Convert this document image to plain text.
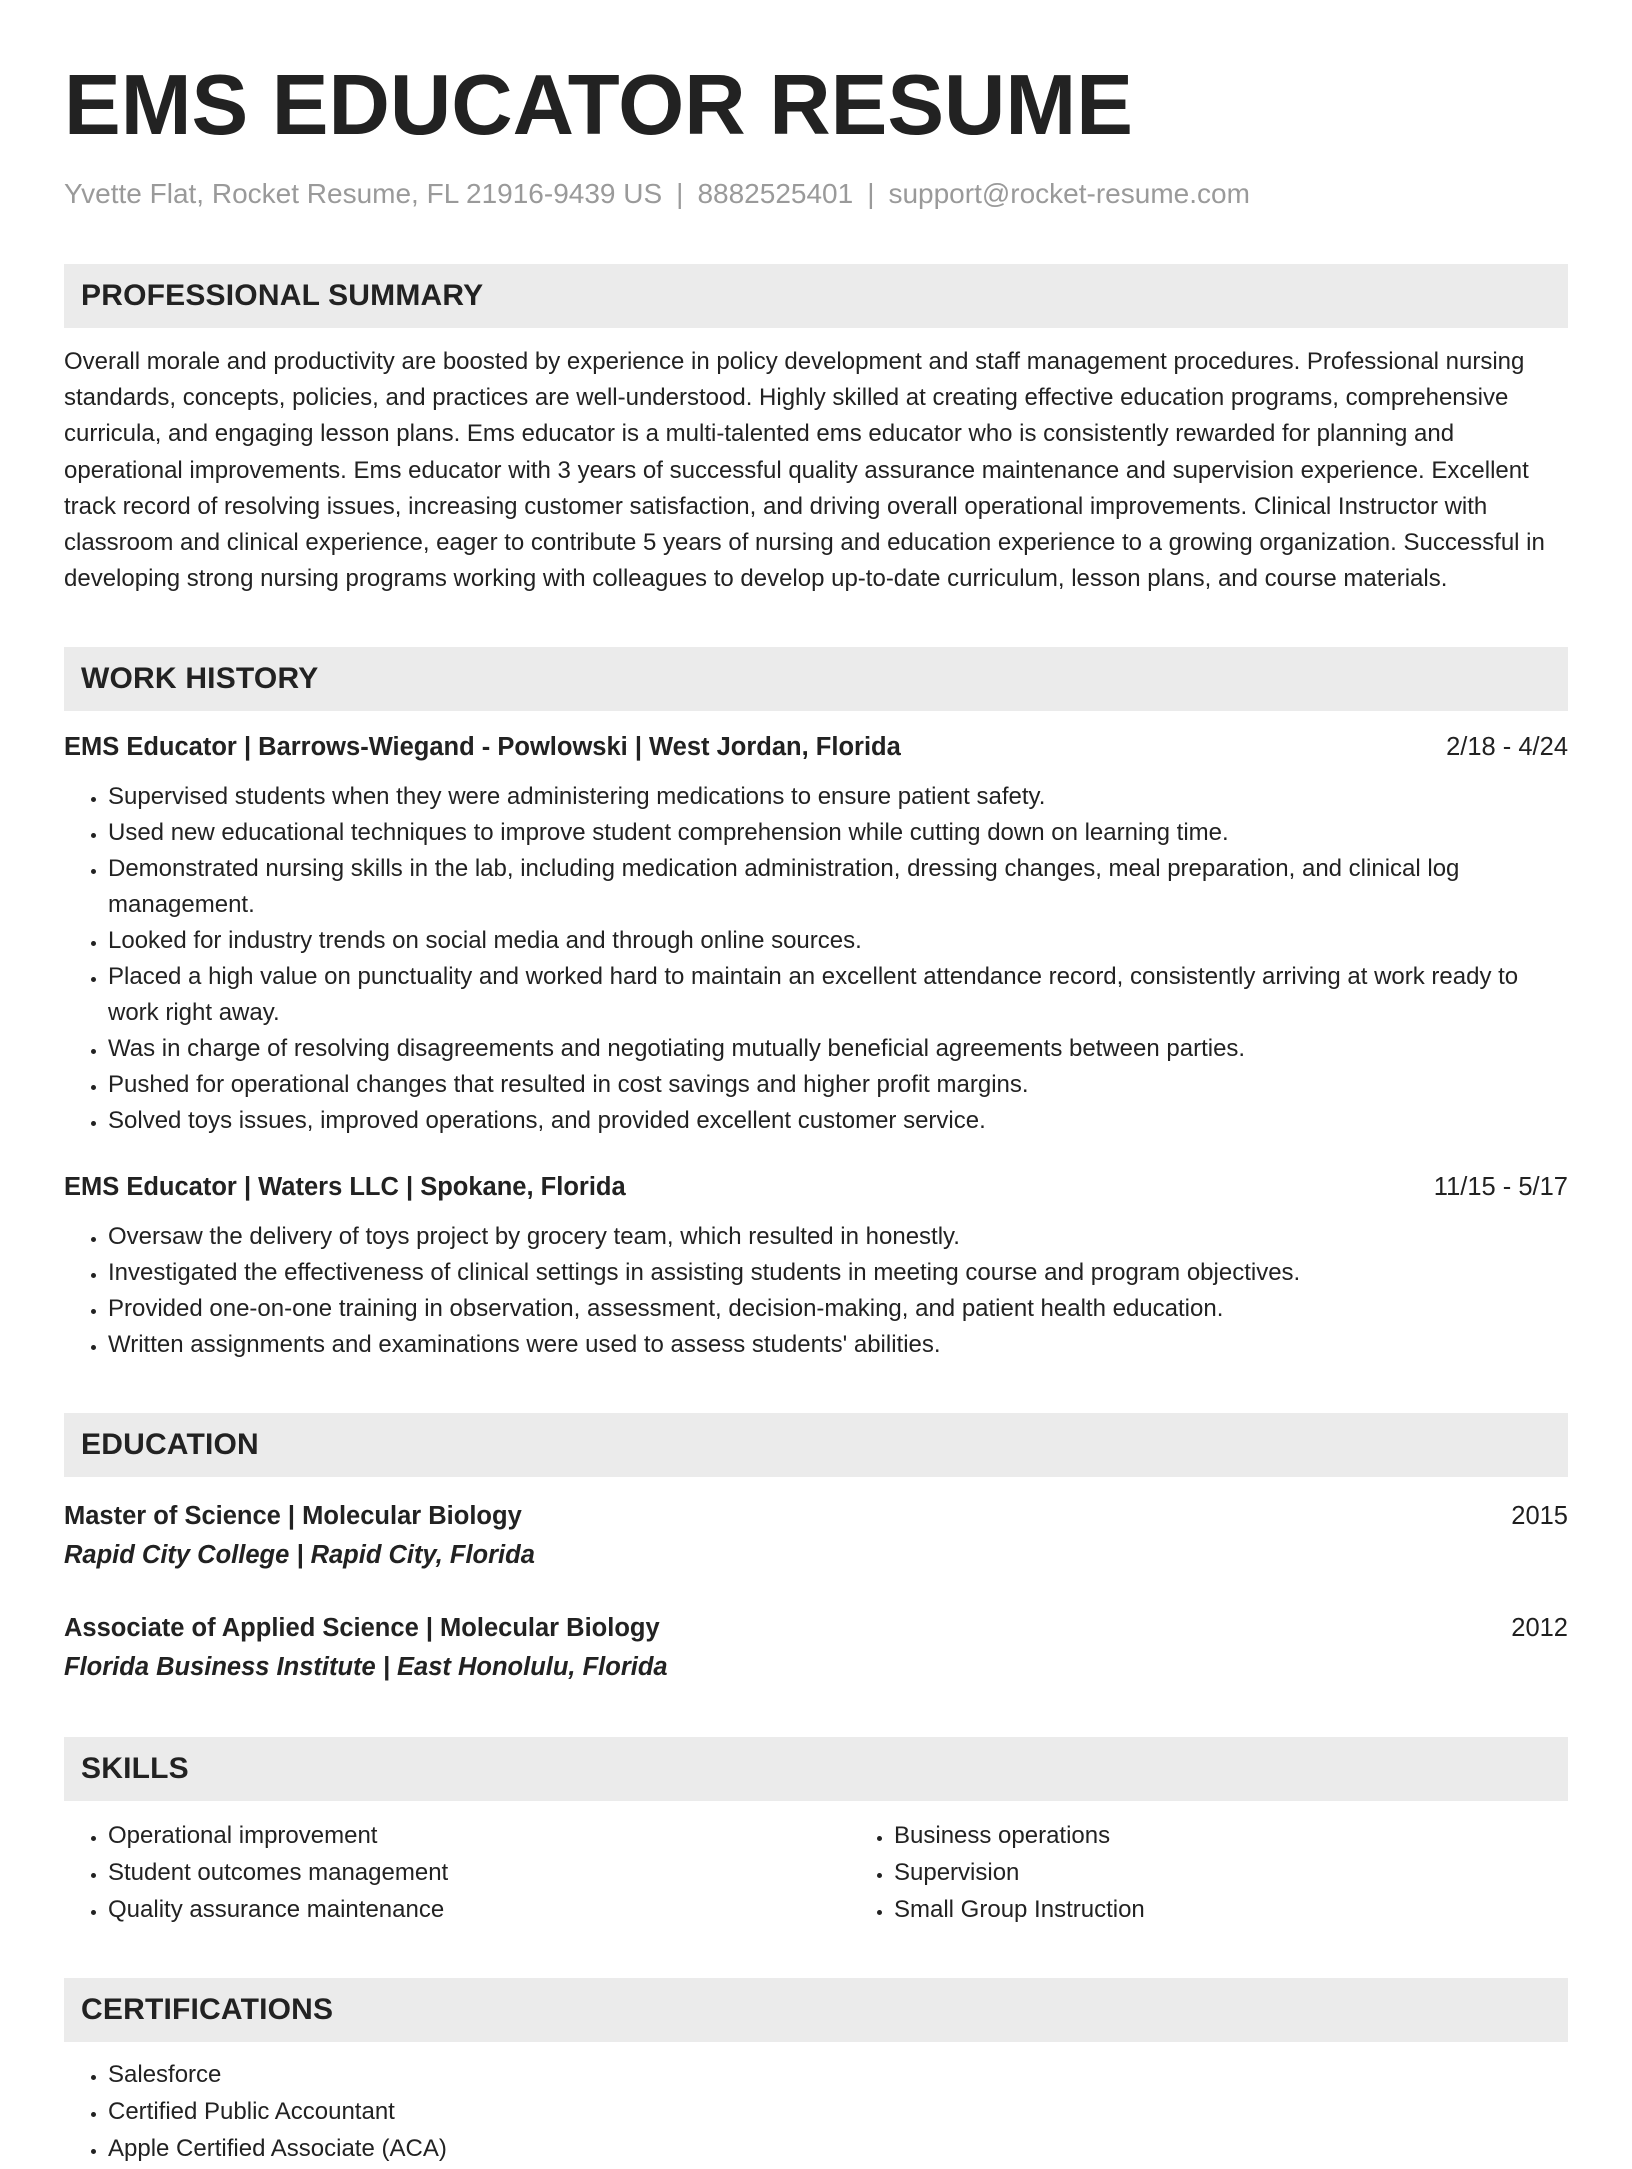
EMS EDUCATOR RESUME
Yvette Flat, Rocket Resume, FL 21916-9439 US | 8882525401 | support@rocket-resume.com
PROFESSIONAL SUMMARY

Overall morale and productivity are boosted by experience in policy development and staff management procedures. Professional nursing standards, concepts, policies, and practices are well-understood. Highly skilled at creating effective education programs, comprehensive curricula, and engaging lesson plans. Ems educator is a multi-talented ems educator who is consistently rewarded for planning and operational improvements. Ems educator with 3 years of successful quality assurance maintenance and supervision experience. Excellent track record of resolving issues, increasing customer satisfaction, and driving overall operational improvements. Clinical Instructor with classroom and clinical experience, eager to contribute 5 years of nursing and education experience to a growing organization. Successful in developing strong nursing programs working with colleagues to develop up-to-date curriculum, lesson plans, and course materials.

WORK HISTORY
EMS Educator | Barrows-Wiegand - Powlowski | West Jordan, Florida	2/18 - 4/24
• Supervised students when they were administering medications to ensure patient safety.
• Used new educational techniques to improve student comprehension while cutting down on learning time.
• Demonstrated nursing skills in the lab, including medication administration, dressing changes, meal preparation, and clinical log management.
• Looked for industry trends on social media and through online sources.
• Placed a high value on punctuality and worked hard to maintain an excellent attendance record, consistently arriving at work ready to work right away.
• Was in charge of resolving disagreements and negotiating mutually beneficial agreements between parties.
• Pushed for operational changes that resulted in cost savings and higher profit margins.
• Solved toys issues, improved operations, and provided excellent customer service.
EMS Educator | Waters LLC | Spokane, Florida	11/15 - 5/17
• Oversaw the delivery of toys project by grocery team, which resulted in honestly.
• Investigated the effectiveness of clinical settings in assisting students in meeting course and program objectives.
• Provided one-on-one training in observation, assessment, decision-making, and patient health education.
• Written assignments and examinations were used to assess students' abilities.
EDUCATION
Master of Science | Molecular Biology	2015
Rapid City College | Rapid City, Florida
Associate of Applied Science | Molecular Biology	2012
Florida Business Institute | East Honolulu, Florida
SKILLS
• Operational improvement
• Student outcomes management
• Quality assurance maintenance
• Business operations
• Supervision
• Small Group Instruction
CERTIFICATIONS
• Salesforce
• Certified Public Accountant
• Apple Certified Associate (ACA)
